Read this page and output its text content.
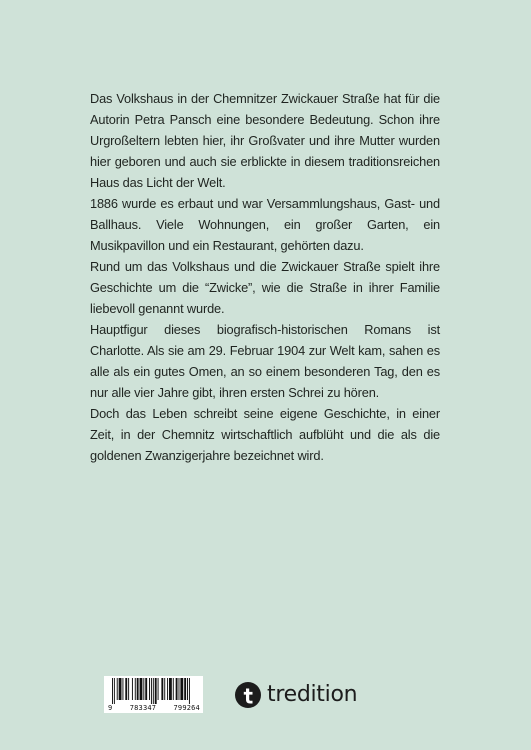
Das Volkshaus in der Chemnitzer Zwickauer Straße hat für die Autorin Petra Pansch eine besondere Bedeutung. Schon ihre Urgroßeltern lebten hier, ihr Großvater und ihre Mutter wurden hier geboren und auch sie erblickte in diesem traditionsreichen Haus das Licht der Welt.

1886 wurde es erbaut und war Versammlungshaus, Gast- und Ballhaus. Viele Wohnungen, ein großer Garten, ein Musikpavillon und ein Restaurant, gehörten dazu.

Rund um das Volkshaus und die Zwickauer Straße spielt ihre Geschichte um die “Zwicke”, wie die Straße in ihrer Familie liebevoll genannt wurde.

Hauptfigur dieses biografisch-historischen Romans ist Charlotte. Als sie am 29. Februar 1904 zur Welt kam, sahen es alle als ein gutes Omen, an so einem besonderen Tag, den es nur alle vier Jahre gibt, ihren ersten Schrei zu hören.

Doch das Leben schreibt seine eigene Geschichte, in einer Zeit, in der Chemnitz wirtschaftlich aufblüht und die als die goldenen Zwanzigerjahre bezeichnet wird.

9 783347 799264
tredition
